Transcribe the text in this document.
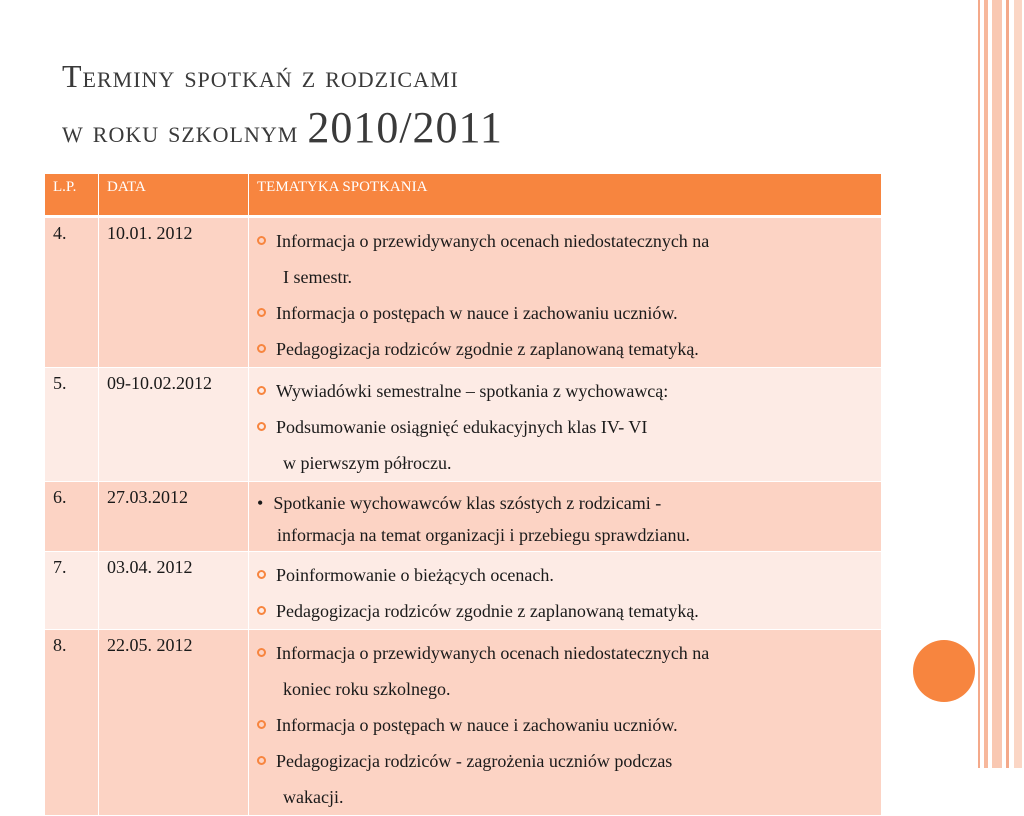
Terminy spotkań z rodzicami
w roku szkolnym 2010/2011
L.P.	DATA	TEMATYKA SPOTKANIA
4.	10.01. 2012	Informacja o przewidywanych ocenach niedostatecznych na
I semestr.
Informacja o postępach w nauce i zachowaniu uczniów.
Pedagogizacja rodziców zgodnie z zaplanowaną tematyką.

5.	09-10.02.2012	Wywiadówki semestralne – spotkania z wychowawcą:
Podsumowanie osiągnięć edukacyjnych klas IV- VI
w pierwszym półroczu.

6.	27.03.2012	• Spotkanie wychowawców klas szóstych z rodzicami -
informacja na temat organizacji i przebiegu sprawdzianu.

7.	03.04. 2012	Poinformowanie o bieżących ocenach.
Pedagogizacja rodziców zgodnie z zaplanowaną tematyką.

8.	22.05. 2012	Informacja o przewidywanych ocenach niedostatecznych na
koniec roku szkolnego.
Informacja o postępach w nauce i zachowaniu uczniów.
Pedagogizacja rodziców - zagrożenia uczniów podczas
wakacji.
